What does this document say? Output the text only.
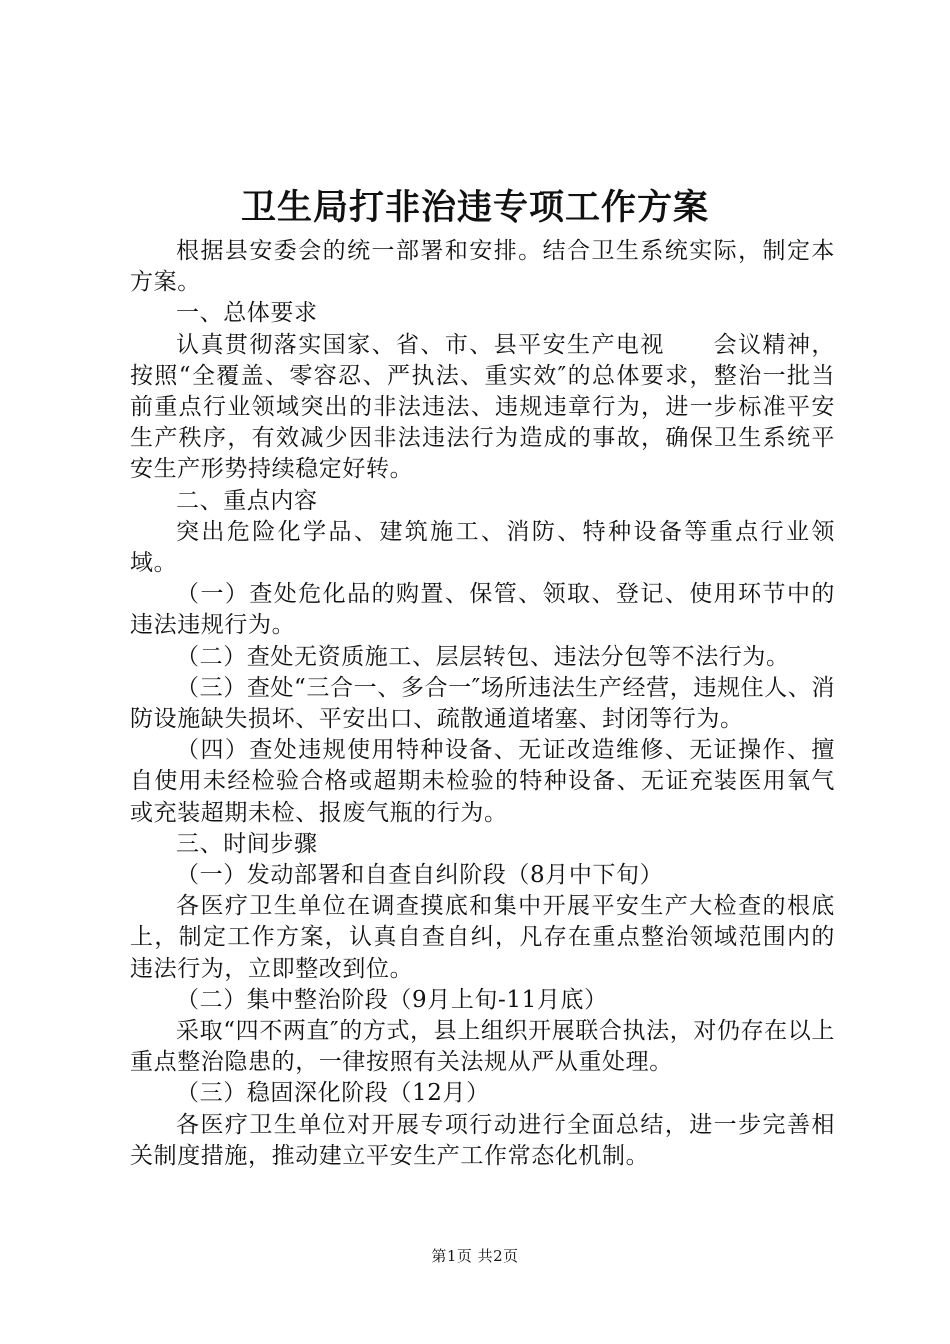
卫生局打非治违专项工作方案

根据县安委会的统一部署和安排。结合卫生系统实际，制定本方案。

一、总体要求

认真贯彻落实国家、省、市、县平安生产电视　　会议精神，按照“全覆盖、零容忍、严执法、重实效″的总体要求，整治一批当前重点行业领域突出的非法违法、违规违章行为，进一步标准平安生产秩序，有效减少因非法违法行为造成的事故，确保卫生系统平安生产形势持续稳定好转。

二、重点内容

突出危险化学品、建筑施工、消防、特种设备等重点行业领域。

（一）查处危化品的购置、保管、领取、登记、使用环节中的违法违规行为。

（二）查处无资质施工、层层转包、违法分包等不法行为。

（三）查处“三合一、多合一″场所违法生产经营，违规住人、消防设施缺失损坏、平安出口、疏散通道堵塞、封闭等行为。

（四）查处违规使用特种设备、无证改造维修、无证操作、擅自使用未经检验合格或超期未检验的特种设备、无证充装医用氧气或充装超期未检、报废气瓶的行为。

三、时间步骤

（一）发动部署和自查自纠阶段（8月中下旬）

各医疗卫生单位在调查摸底和集中开展平安生产大检查的根底上，制定工作方案，认真自查自纠，凡存在重点整治领域范围内的违法行为，立即整改到位。

（二）集中整治阶段（9月上旬-11月底）

采取“四不两直″的方式，县上组织开展联合执法，对仍存在以上重点整治隐患的，一律按照有关法规从严从重处理。

（三）稳固深化阶段（12月）

各医疗卫生单位对开展专项行动进行全面总结，进一步完善相关制度措施，推动建立平安生产工作常态化机制。

第1页 共2页
